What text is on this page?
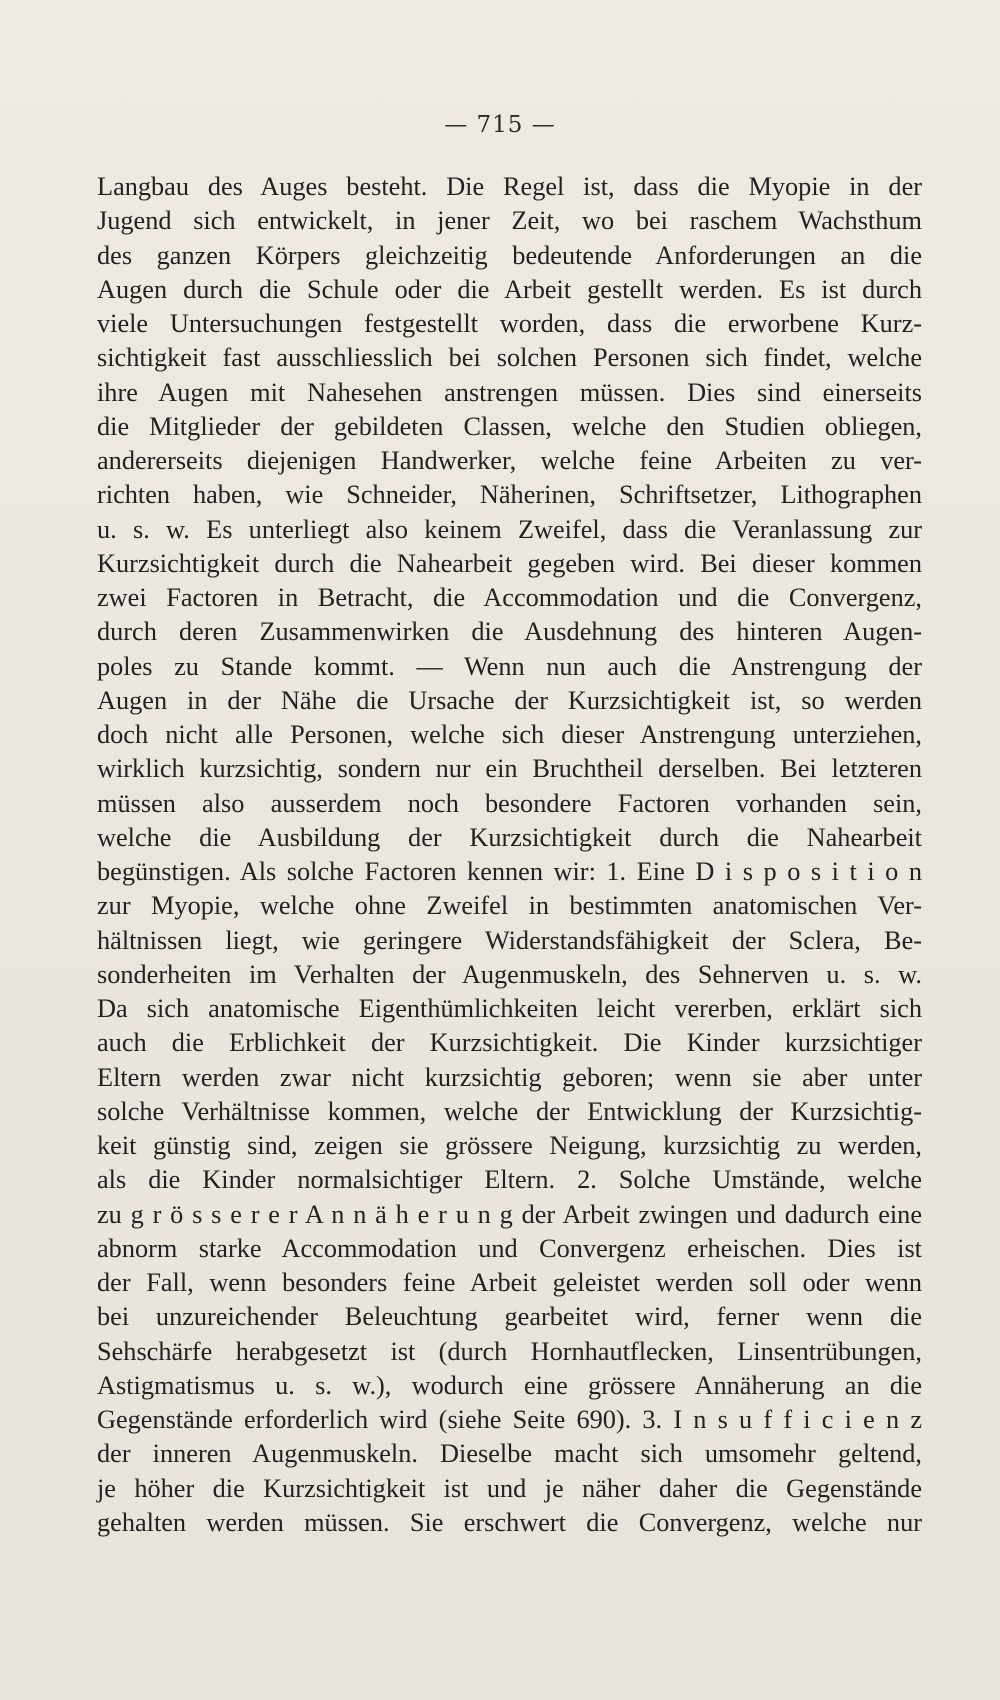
— 715 —
Langbau des Auges besteht. Die Regel ist, dass die Myopie in der
Jugend sich entwickelt, in jener Zeit, wo bei raschem Wachsthum
des ganzen Körpers gleichzeitig bedeutende Anforderungen an die
Augen durch die Schule oder die Arbeit gestellt werden. Es ist durch
viele Untersuchungen festgestellt worden, dass die erworbene Kurz-
sichtigkeit fast ausschliesslich bei solchen Personen sich findet, welche
ihre Augen mit Nahesehen anstrengen müssen. Dies sind einerseits
die Mitglieder der gebildeten Classen, welche den Studien obliegen,
andererseits diejenigen Handwerker, welche feine Arbeiten zu ver-
richten haben, wie Schneider, Näherinen, Schriftsetzer, Lithographen
u. s. w. Es unterliegt also keinem Zweifel, dass die Veranlassung zur
Kurzsichtigkeit durch die Nahearbeit gegeben wird. Bei dieser kommen
zwei Factoren in Betracht, die Accommodation und die Convergenz,
durch deren Zusammenwirken die Ausdehnung des hinteren Augen-
poles zu Stande kommt. — Wenn nun auch die Anstrengung der
Augen in der Nähe die Ursache der Kurzsichtigkeit ist, so werden
doch nicht alle Personen, welche sich dieser Anstrengung unterziehen,
wirklich kurzsichtig, sondern nur ein Bruchtheil derselben. Bei letzteren
müssen also ausserdem noch besondere Factoren vorhanden sein,
welche die Ausbildung der Kurzsichtigkeit durch die Nahearbeit
begünstigen. Als solche Factoren kennen wir: 1. Eine D i s p o s i t i o n
zur Myopie, welche ohne Zweifel in bestimmten anatomischen Ver-
hältnissen liegt, wie geringere Widerstandsfähigkeit der Sclera, Be-
sonderheiten im Verhalten der Augenmuskeln, des Sehnerven u. s. w.
Da sich anatomische Eigenthümlichkeiten leicht vererben, erklärt sich
auch die Erblichkeit der Kurzsichtigkeit. Die Kinder kurzsichtiger
Eltern werden zwar nicht kurzsichtig geboren; wenn sie aber unter
solche Verhältnisse kommen, welche der Entwicklung der Kurzsichtig-
keit günstig sind, zeigen sie grössere Neigung, kurzsichtig zu werden,
als die Kinder normalsichtiger Eltern. 2. Solche Umstände, welche
zu g r ö s s e r e r A n n ä h e r u n g der Arbeit zwingen und dadurch eine
abnorm starke Accommodation und Convergenz erheischen. Dies ist
der Fall, wenn besonders feine Arbeit geleistet werden soll oder wenn
bei unzureichender Beleuchtung gearbeitet wird, ferner wenn die
Sehschärfe herabgesetzt ist (durch Hornhautflecken, Linsentrübungen,
Astigmatismus u. s. w.), wodurch eine grössere Annäherung an die
Gegenstände erforderlich wird (siehe Seite 690). 3. I n s u f f i c i e n z
der inneren Augenmuskeln. Dieselbe macht sich umsomehr geltend,
je höher die Kurzsichtigkeit ist und je näher daher die Gegenstände
gehalten werden müssen. Sie erschwert die Convergenz, welche nur
